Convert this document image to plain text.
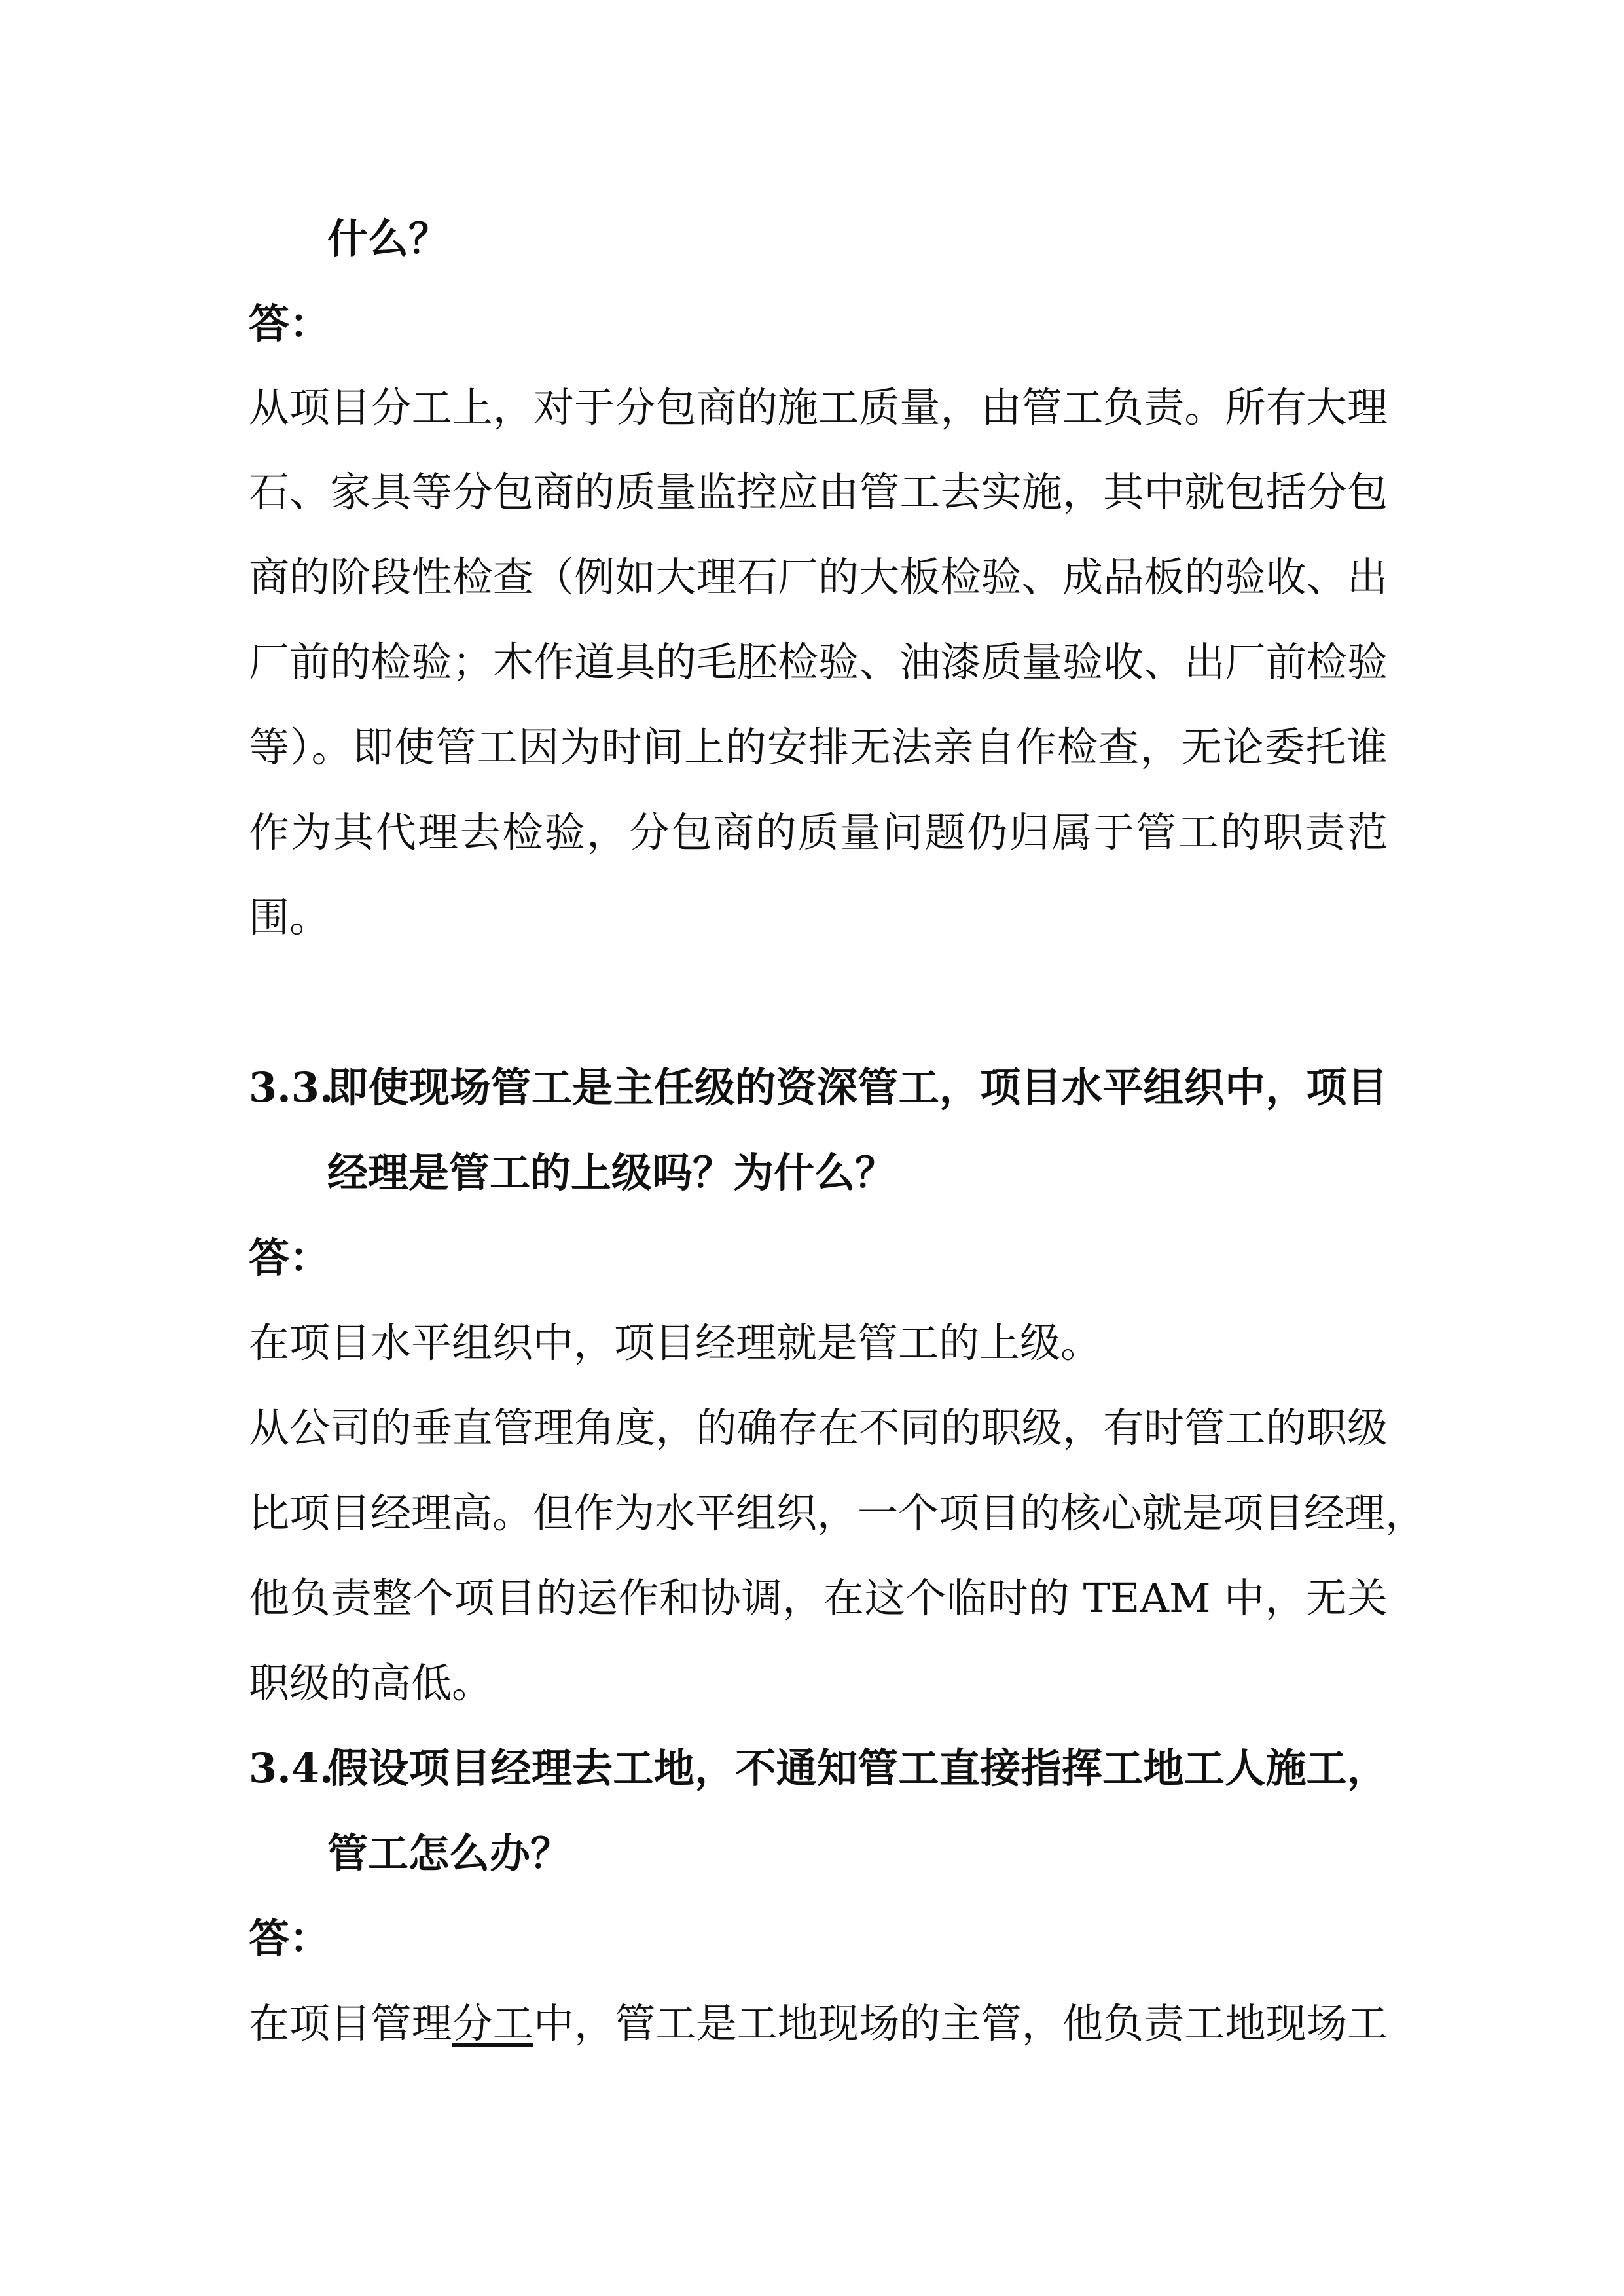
什么？

答：

从项目分工上，对于分包商的施工质量，由管工负责。所有大理

石、家具等分包商的质量监控应由管工去实施，其中就包括分包

商的阶段性检查（例如大理石厂的大板检验、成品板的验收、出

厂前的检验；木作道具的毛胚检验、油漆质量验收、出厂前检验

等）。即使管工因为时间上的安排无法亲自作检查，无论委托谁

作为其代理去检验，分包商的质量问题仍归属于管工的职责范

围。

3.3.即使现场管工是主任级的资深管工，项目水平组织中，项目

经理是管工的上级吗？为什么？

答：

在项目水平组织中，项目经理就是管工的上级。

从公司的垂直管理角度，的确存在不同的职级，有时管工的职级

比项目经理高。但作为水平组织，一个项目的核心就是项目经理，

他负责整个项目的运作和协调，在这个临时的 TEAM 中，无关

职级的高低。

3.4.假设项目经理去工地，不通知管工直接指挥工地工人施工，

管工怎么办？

答：

在项目管理分工中，管工是工地现场的主管，他负责工地现场工
